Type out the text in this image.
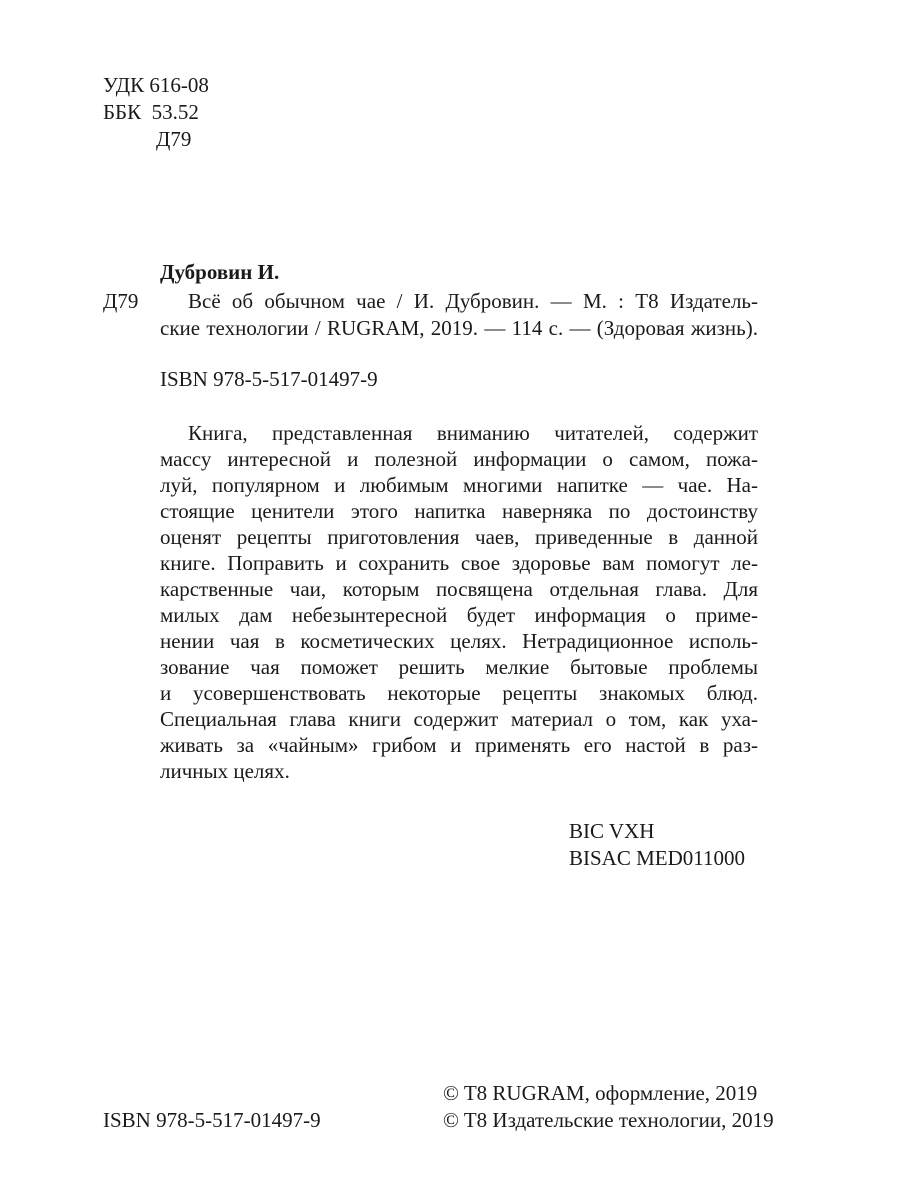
УДК 616-08
ББК  53.52
Д79
Дубровин И.
Д79 Всё об обычном чае / И. Дубровин. — М. : T8 Издатель-
ские технологии / RUGRAM, 2019. — 114 с. — (Здоровая жизнь).
ISBN 978-5-517-01497-9
Книга, представленная вниманию читателей, содержит
массу интересной и полезной информации о самом, пожа-
луй, популярном и любимым многими напитке — чае. На-
стоящие ценители этого напитка наверняка по достоинству
оценят рецепты приготовления чаев, приведенные в данной
книге. Поправить и сохранить свое здоровье вам помогут ле-
карственные чаи, которым посвящена отдельная глава. Для
милых дам небезынтересной будет информация о приме-
нении чая в косметических целях. Нетрадиционное исполь-
зование чая поможет решить мелкие бытовые проблемы
и усовершенствовать некоторые рецепты знакомых блюд.
Специальная глава книги содержит материал о том, как уха-
живать за «чайным» грибом и применять его настой в раз-
личных целях.
BIC VXH
BISAC MED011000
© T8 RUGRAM, оформление, 2019
ISBN 978-5-517-01497-9	© T8 Издательские технологии, 2019
